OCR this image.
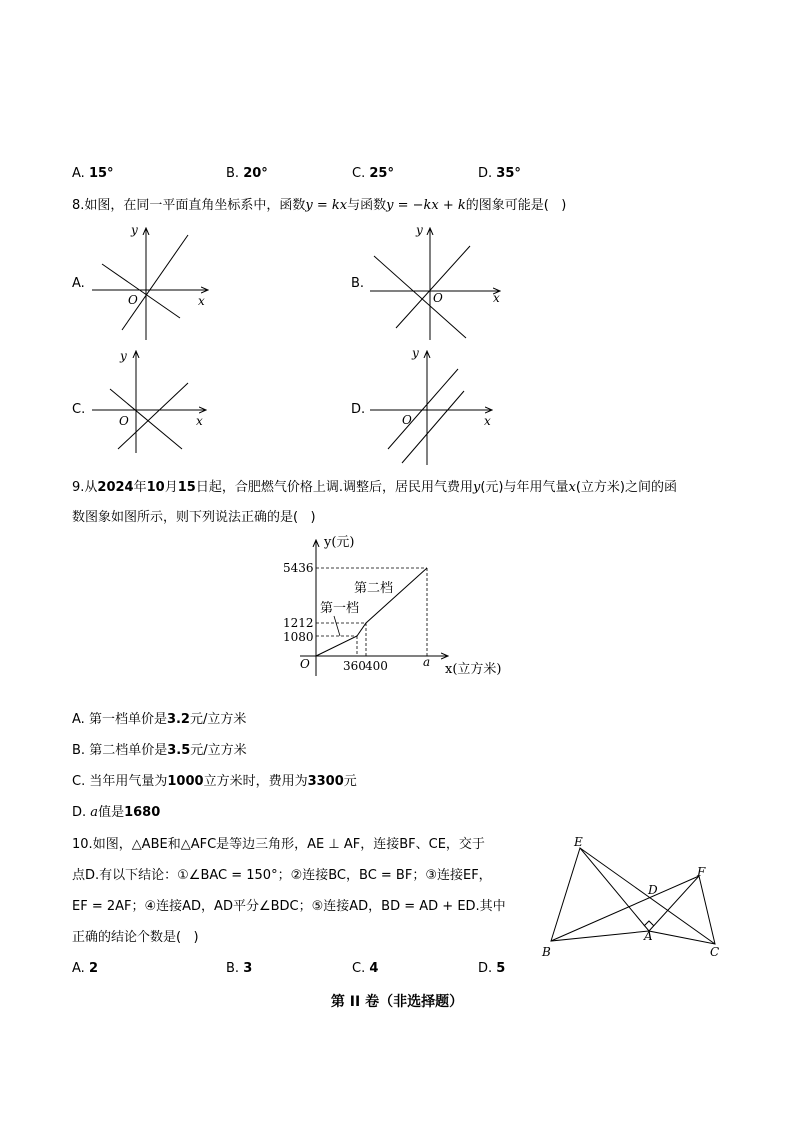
A. 15°	B. 20°	C. 25°	D. 35°
8.如图，在同一平面直角坐标系中，函数y = kx与函数y = −kx + k的图象可能是(   )
A.
x
y
O
B.
x
y
O
C.
x
y
O
D.
x
y
O
9.从2024年10月15日起，合肥燃气价格上调.调整后，居民用气费用y(元)与年用气量x(立方米)之间的函
数图象如图所示，则下列说法正确的是(   )
y(元)
5436
1212
1080
O	360 400	a x(立方米)
第一档
第二档
A. 第一档单价是3.2元/立方米
B. 第二档单价是3.5元/立方米
C. 当年用气量为1000立方米时，费用为3300元
D. a值是1680
10.如图，△ABE和△AFC是等边三角形，AE ⊥ AF，连接BF、CE，交于
点D.有以下结论：①∠BAC = 150°；②连接BC，BC = BF；③连接EF，
EF = 2AF；④连接AD，AD平分∠BDC；⑤连接AD，BD = AD + ED.其中
正确的结论个数是(   )
E
F
D
A
B	C
A. 2	B. 3	C. 4	D. 5
第 II 卷（非选择题）
